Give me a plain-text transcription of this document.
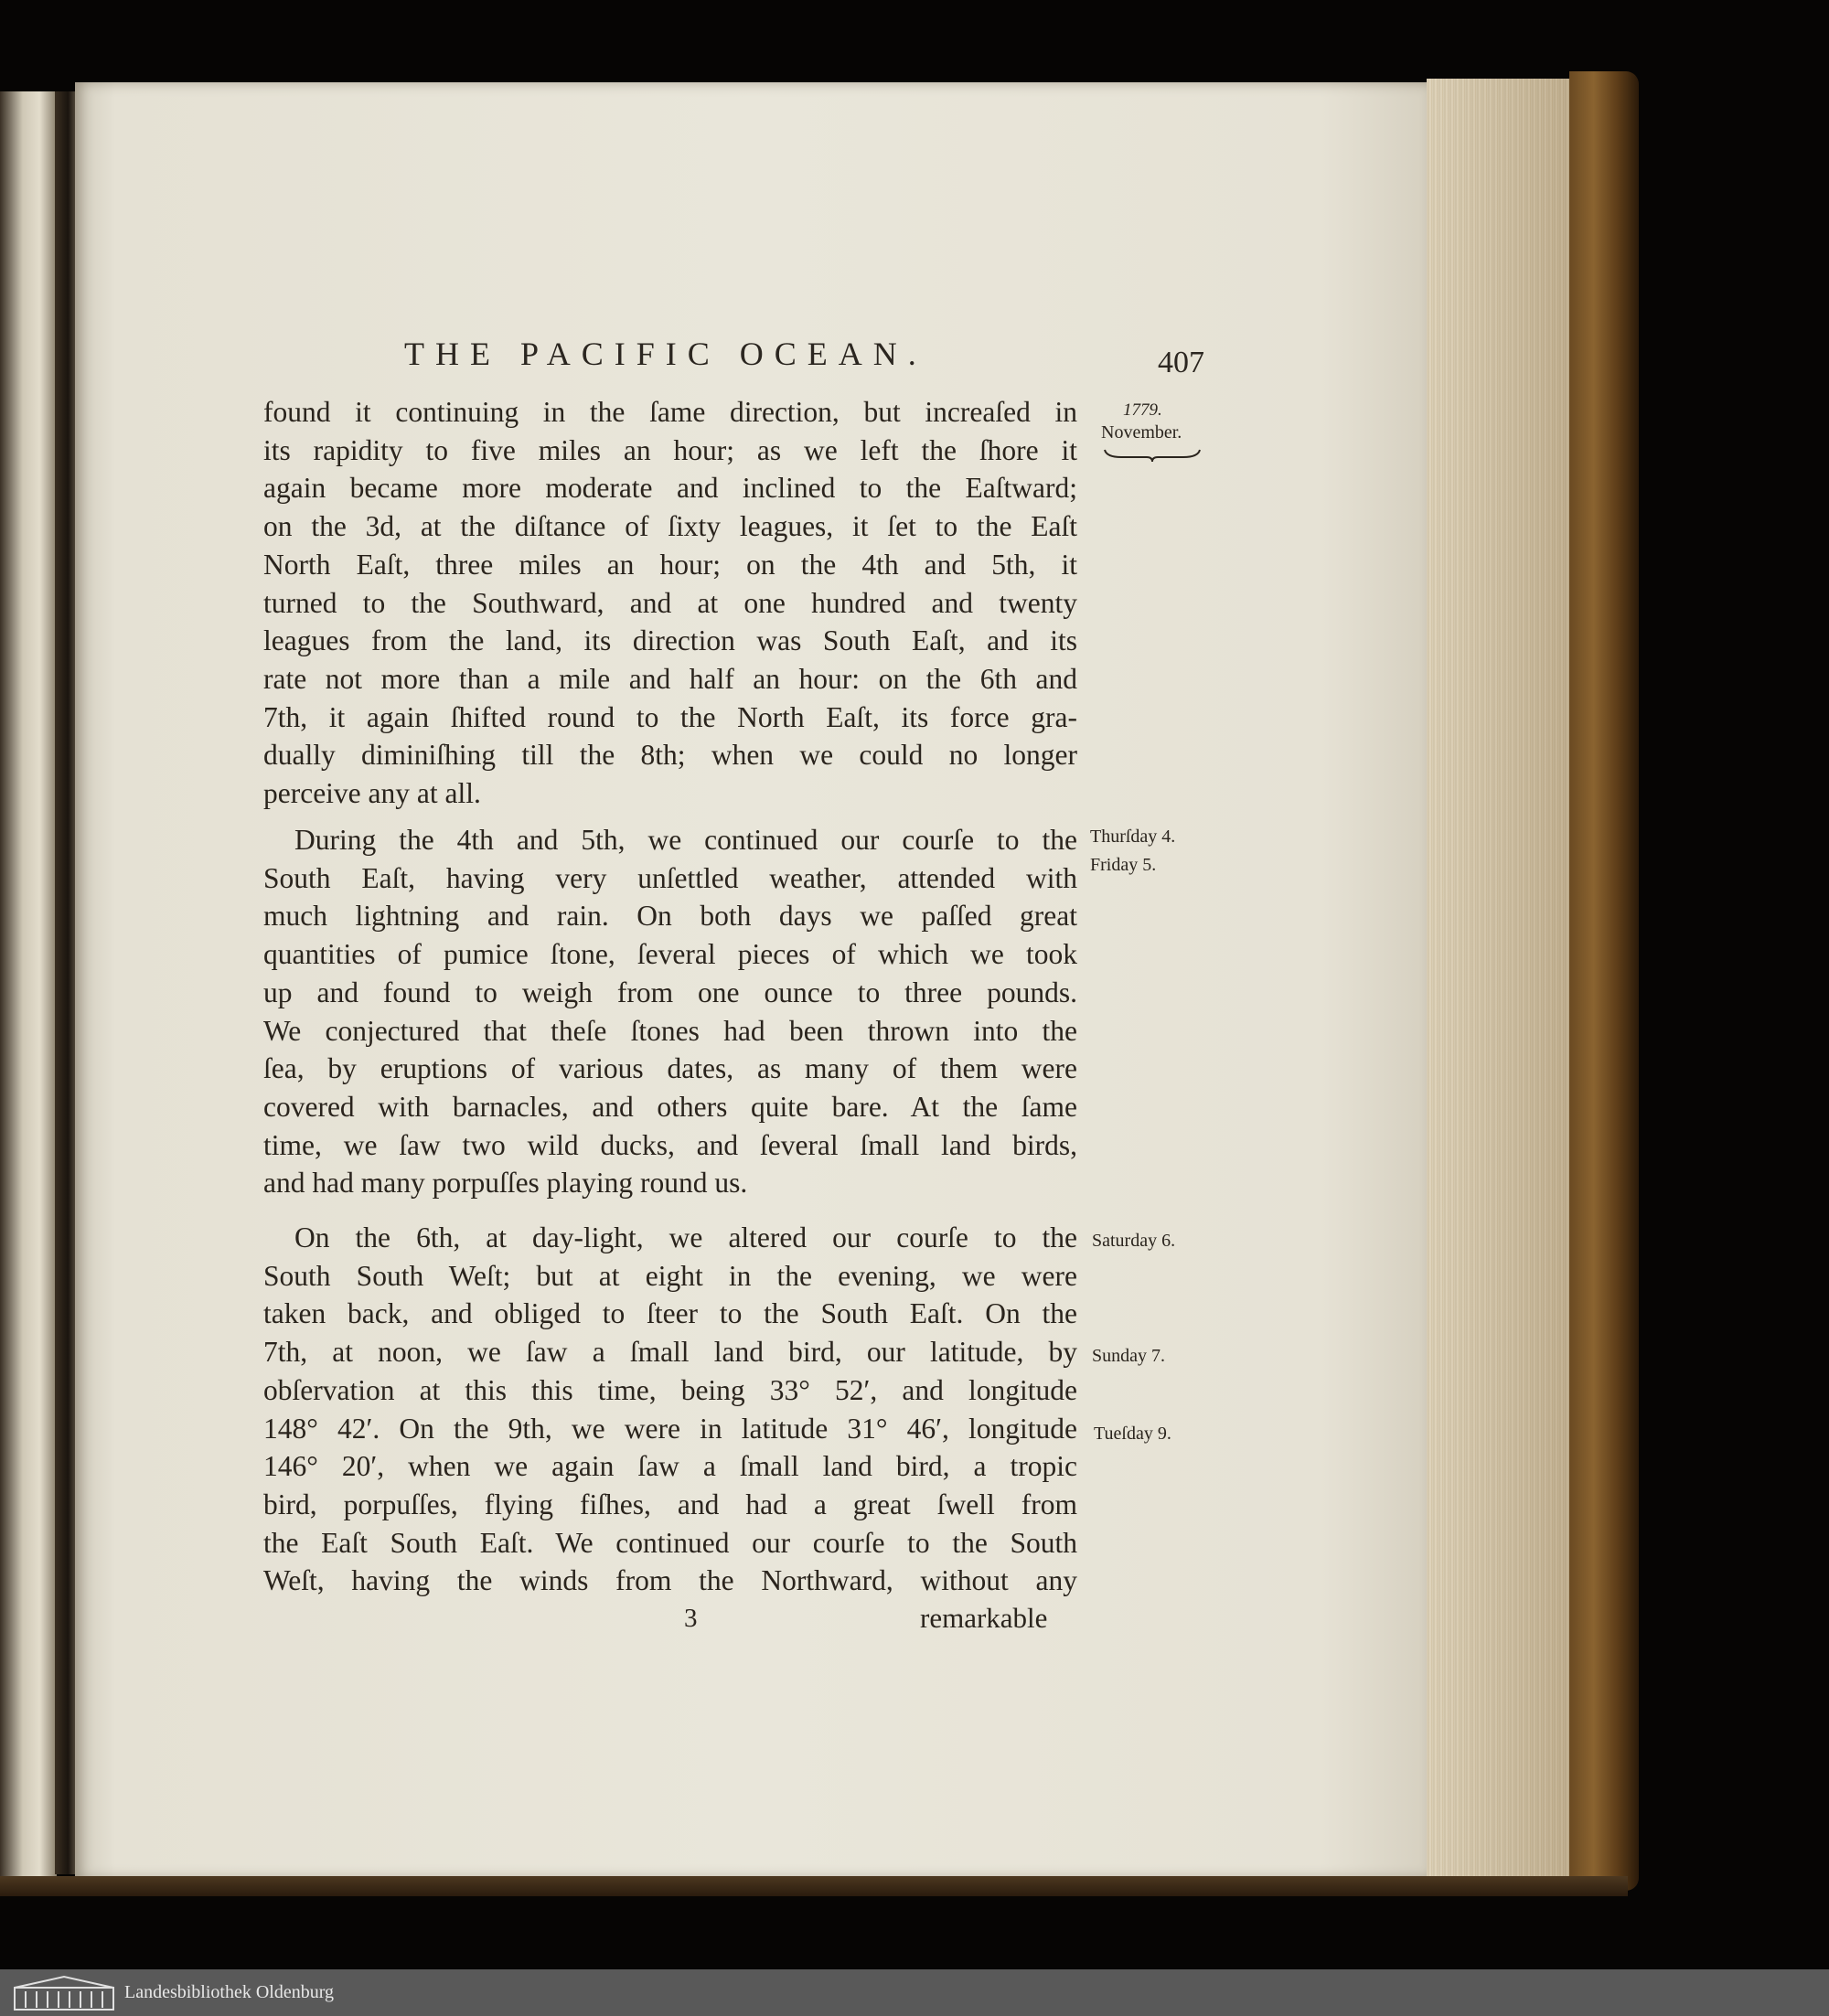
THE PACIFIC OCEAN.	407
1779.
November.

found it continuing in the ſame direction, but increaſed in
its rapidity to five miles an hour; as we left the ſhore it
again became more moderate and inclined to the Eaſtward;
on the 3d, at the diſtance of ſixty leagues, it ſet to the Eaſt
North Eaſt, three miles an hour; on the 4th and 5th, it
turned to the Southward, and at one hundred and twenty
leagues from the land, its direction was South Eaſt, and its
rate not more than a mile and half an hour: on the 6th and
7th, it again ſhifted round to the North Eaſt, its force gra-
dually diminiſhing till the 8th; when we could no longer
perceive any at all.

Thurſday 4.
Friday 5.

During the 4th and 5th, we continued our courſe to the
South Eaſt, having very unſettled weather, attended with
much lightning and rain. On both days we paſſed great
quantities of pumice ſtone, ſeveral pieces of which we took
up and found to weigh from one ounce to three pounds.
We conjectured that theſe ſtones had been thrown into the
ſea, by eruptions of various dates, as many of them were
covered with barnacles, and others quite bare. At the ſame
time, we ſaw two wild ducks, and ſeveral ſmall land birds,
and had many porpuſſes playing round us.

Saturday 6.
Sunday 7.
Tueſday 9.

On the 6th, at day-light, we altered our courſe to the
South South Weſt; but at eight in the evening, we were
taken back, and obliged to ſteer to the South Eaſt. On the
7th, at noon, we ſaw a ſmall land bird, our latitude, by
obſervation at this this time, being 33° 52′, and longitude
148° 42′. On the 9th, we were in latitude 31° 46′, longitude
146° 20′, when we again ſaw a ſmall land bird, a tropic
bird, porpuſſes, flying fiſhes, and had a great ſwell from
the Eaſt South Eaſt. We continued our courſe to the South
Weſt, having the winds from the Northward, without any

3	remarkable
Landesbibliothek Oldenburg
